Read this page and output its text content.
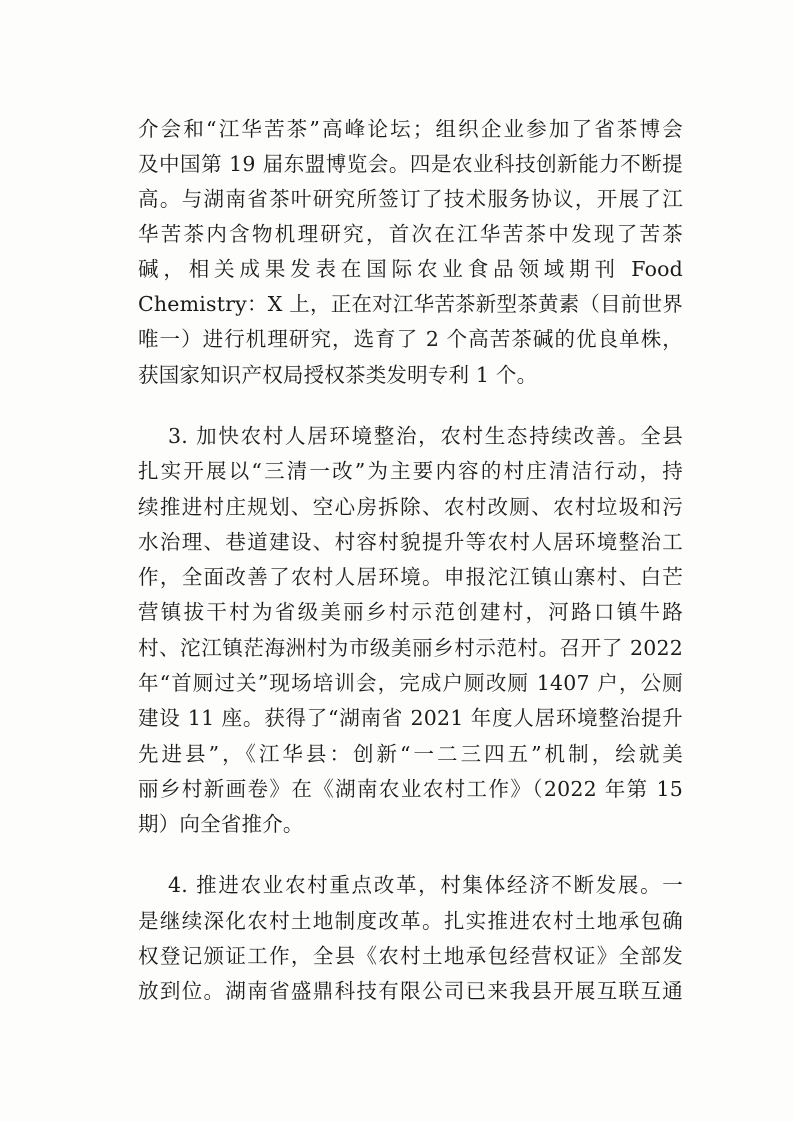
介会和“江华苦茶”高峰论坛；组织企业参加了省茶博会
及中国第 19 届东盟博览会。四是农业科技创新能力不断提
高。与湖南省茶叶研究所签订了技术服务协议，开展了江
华苦茶内含物机理研究，首次在江华苦茶中发现了苦茶
碱，相关成果发表在国际农业食品领域期刊 Food
Chemistry：X 上，正在对江华苦茶新型茶黄素（目前世界
唯一）进行机理研究，选育了 2 个高苦茶碱的优良单株，
获国家知识产权局授权茶类发明专利 1 个。
3. 加快农村人居环境整治，农村生态持续改善。全县
扎实开展以“三清一改”为主要内容的村庄清洁行动，持
续推进村庄规划、空心房拆除、农村改厕、农村垃圾和污
水治理、巷道建设、村容村貌提升等农村人居环境整治工
作，全面改善了农村人居环境。申报沱江镇山寨村、白芒
营镇拔干村为省级美丽乡村示范创建村，河路口镇牛路
村、沱江镇茫海洲村为市级美丽乡村示范村。召开了 2022
年“首厕过关”现场培训会，完成户厕改厕 1407 户，公厕
建设 11 座。获得了“湖南省 2021 年度人居环境整治提升
先进县”，《江华县：创新“一二三四五”机制，绘就美
丽乡村新画卷》在《湖南农业农村工作》（2022 年第 15
期）向全省推介。
4. 推进农业农村重点改革，村集体经济不断发展。一
是继续深化农村土地制度改革。扎实推进农村土地承包确
权登记颁证工作，全县《农村土地承包经营权证》全部发
放到位。湖南省盛鼎科技有限公司已来我县开展互联互通
